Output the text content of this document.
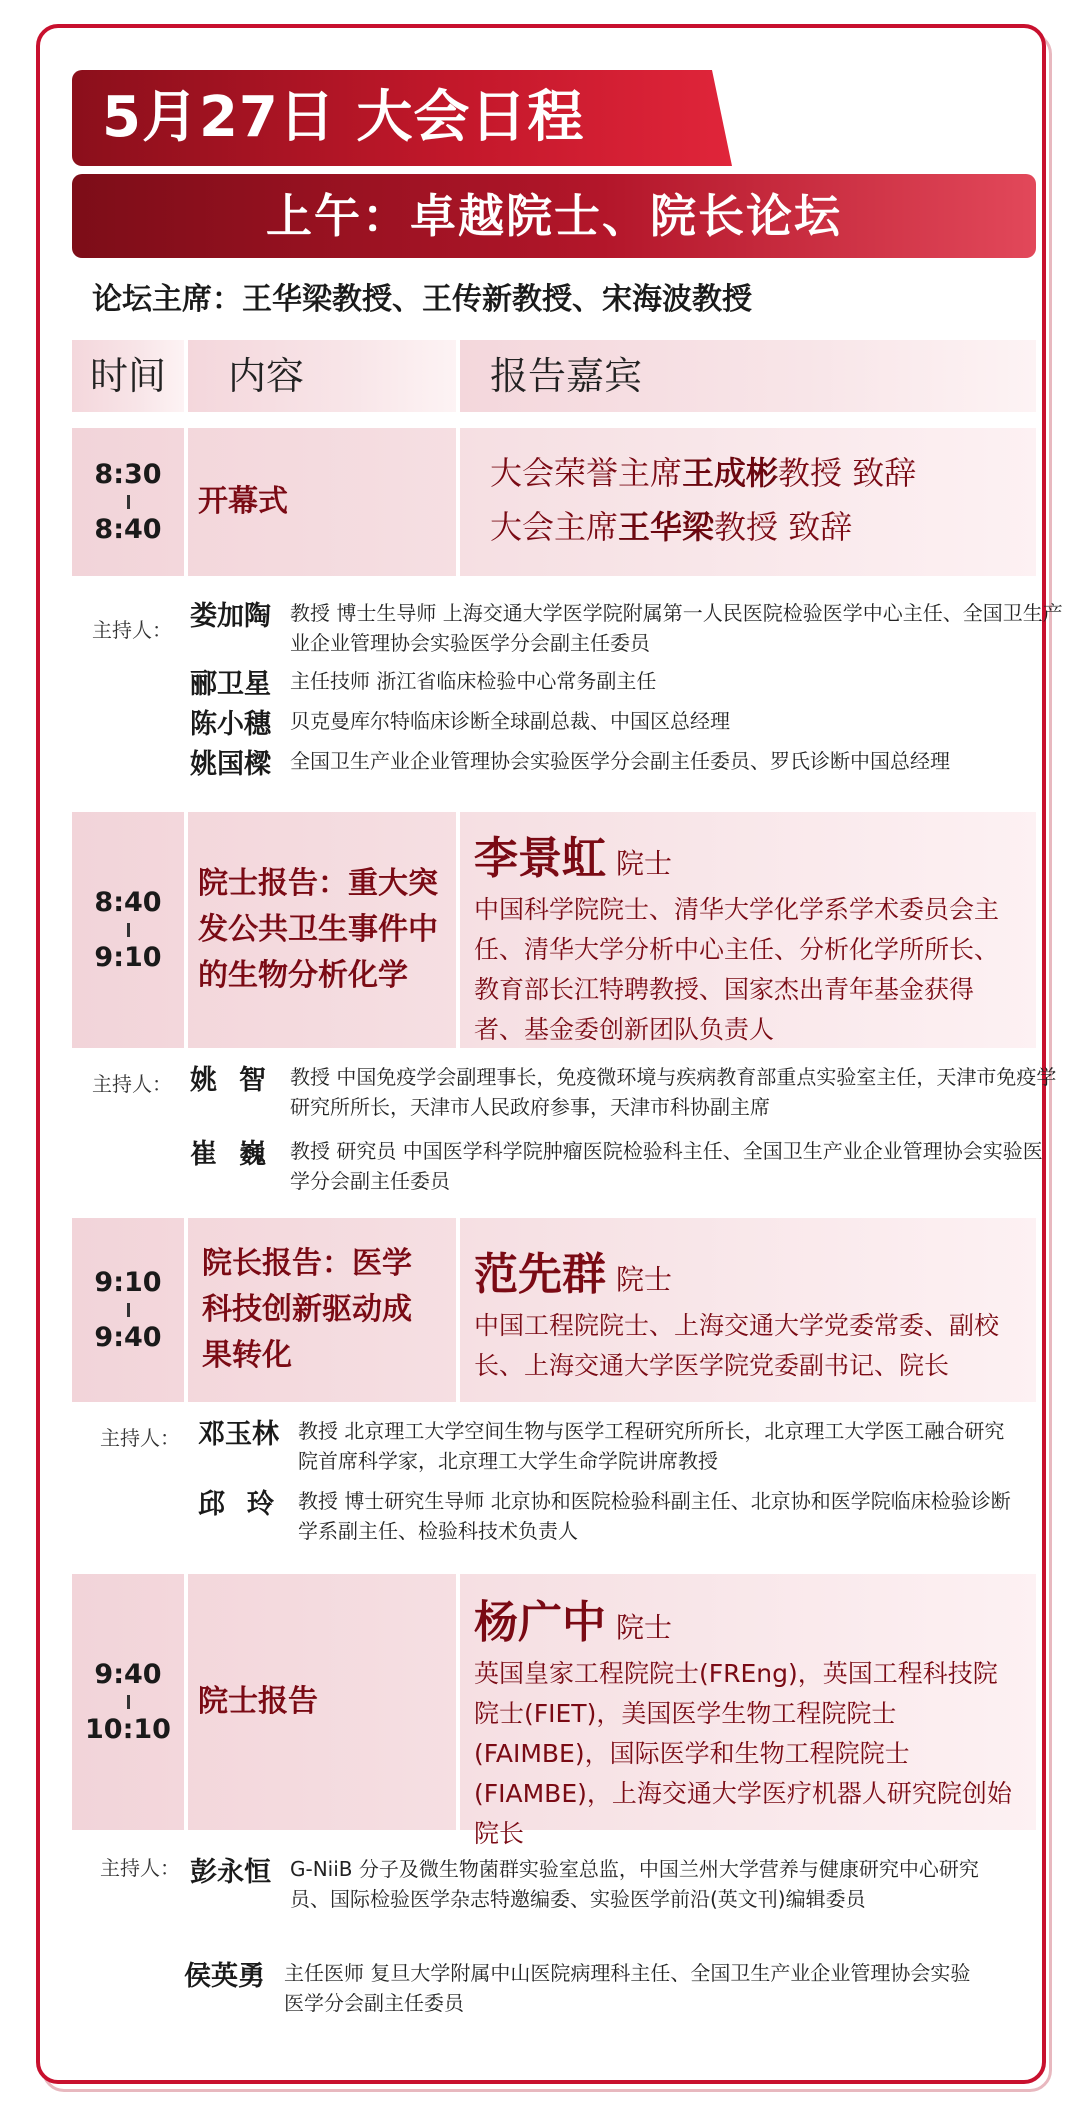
5月27日 大会日程
上午：卓越院士、院长论坛
论坛主席：王华梁教授、王传新教授、宋海波教授
时间	内容	报告嘉宾
8:30
8:40
开幕式
大会荣誉主席王成彬教授 致辞
大会主席王华梁教授 致辞
主持人： 娄加陶 教授 博士生导师 上海交通大学医学院附属第一人民医院检验医学中心主任、全国卫生产业企业管理协会实验医学分会副主任委员
郦卫星 主任技师 浙江省临床检验中心常务副主任
陈小穗 贝克曼库尔特临床诊断全球副总裁、中国区总经理
姚国樑 全国卫生产业企业管理协会实验医学分会副主任委员、罗氏诊断中国总经理
8:40
9:10
院士报告：重大突发公共卫生事件中的生物分析化学
李景虹 院士
中国科学院院士、清华大学化学系学术委员会主任、清华大学分析中心主任、分析化学所所长、教育部长江特聘教授、国家杰出青年基金获得者、基金委创新团队负责人
主持人： 姚智 教授 中国免疫学会副理事长，免疫微环境与疾病教育部重点实验室主任，天津市免疫学研究所所长，天津市人民政府参事，天津市科协副主席
崔巍 教授 研究员 中国医学科学院肿瘤医院检验科主任、全国卫生产业企业管理协会实验医学分会副主任委员
9:10
9:40
院长报告：医学科技创新驱动成果转化
范先群 院士
中国工程院院士、上海交通大学党委常委、副校长、上海交通大学医学院党委副书记、院长
主持人： 邓玉林 教授 北京理工大学空间生物与医学工程研究所所长，北京理工大学医工融合研究院首席科学家，北京理工大学生命学院讲席教授
邱玲 教授 博士研究生导师 北京协和医院检验科副主任、北京协和医学院临床检验诊断学系副主任、检验科技术负责人
9:40
10:10
院士报告
杨广中 院士
英国皇家工程院院士(FREng)，英国工程科技院院士(FIET)，美国医学生物工程院院士(FAIMBE)，国际医学和生物工程院院士(FIAMBE)，上海交通大学医疗机器人研究院创始院长
主持人： 彭永恒 G-NiiB 分子及微生物菌群实验室总监，中国兰州大学营养与健康研究中心研究员、国际检验医学杂志特邀编委、实验医学前沿(英文刊)编辑委员
侯英勇 主任医师 复旦大学附属中山医院病理科主任、全国卫生产业企业管理协会实验医学分会副主任委员
